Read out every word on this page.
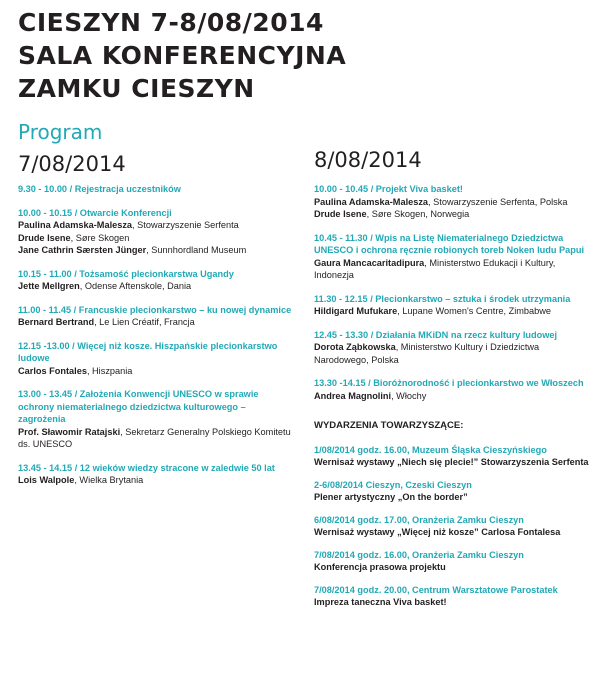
CIESZYN 7-8/08/2014
SALA KONFERENCYJNA
ZAMKU CIESZYN
Program
7/08/2014	8/08/2014
9.30 - 10.00 / Rejestracja uczestników
10.00 - 10.15 / Otwarcie Konferencji
Paulina Adamska-Malesza, Stowarzyszenie Serfenta
Drude Isene, Søre Skogen
Jane Cathrin Særsten Jünger, Sunnhordland Museum
10.15 - 11.00 / Tożsamość plecionkarstwa Ugandy
Jette Mellgren, Odense Aftenskole, Dania
11.00 - 11.45 / Francuskie plecionkarstwo – ku nowej dynamice
Bernard Bertrand, Le Lien Créatif, Francja
12.15 -13.00 / Więcej niż kosze. Hiszpańskie plecionkarstwo ludowe
Carlos Fontales, Hiszpania
13.00 - 13.45 / Założenia Konwencji UNESCO w sprawie ochrony niematerialnego dziedzictwa kulturowego – zagrożenia
Prof. Sławomir Ratajski, Sekretarz Generalny Polskiego Komitetu ds. UNESCO
13.45 - 14.15 / 12 wieków wiedzy stracone w zaledwie 50 lat
Lois Walpole, Wielka Brytania
10.00 - 10.45 / Projekt Viva basket!
Paulina Adamska-Malesza, Stowarzyszenie Serfenta, Polska
Drude Isene, Søre Skogen, Norwegia
10.45 - 11.30 / Wpis na Listę Niematerialnego Dziedzictwa UNESCO i ochrona ręcznie robionych toreb Noken ludu Papui
Gaura Mancacaritadipura, Ministerstwo Edukacji i Kultury, Indonezja
11.30 - 12.15 / Plecionkarstwo – sztuka i środek utrzymania
Hildigard Mufukare, Lupane Women's Centre, Zimbabwe
12.45 - 13.30 / Działania MKiDN na rzecz kultury ludowej
Dorota Ząbkowska, Ministerstwo Kultury i Dziedzictwa Narodowego, Polska
13.30 -14.15 / Bioróżnorodność i plecionkarstwo we Włoszech
Andrea Magnolini, Włochy
WYDARZENIA TOWARZYSZĄCE:
1/08/2014 godz. 16.00, Muzeum Śląska Cieszyńskiego
Wernisaż wystawy „Niech się plecie!” Stowarzyszenia Serfenta
2-6/08/2014 Cieszyn, Czeski Cieszyn
Plener artystyczny „On the border”
6/08/2014 godz. 17.00, Oranżeria Zamku Cieszyn
Wernisaż wystawy „Więcej niż kosze” Carlosa Fontalesa
7/08/2014 godz. 16.00, Oranżeria Zamku Cieszyn
Konferencja prasowa projektu
7/08/2014 godz. 20.00, Centrum Warsztatowe Parostatek
Impreza taneczna Viva basket!
